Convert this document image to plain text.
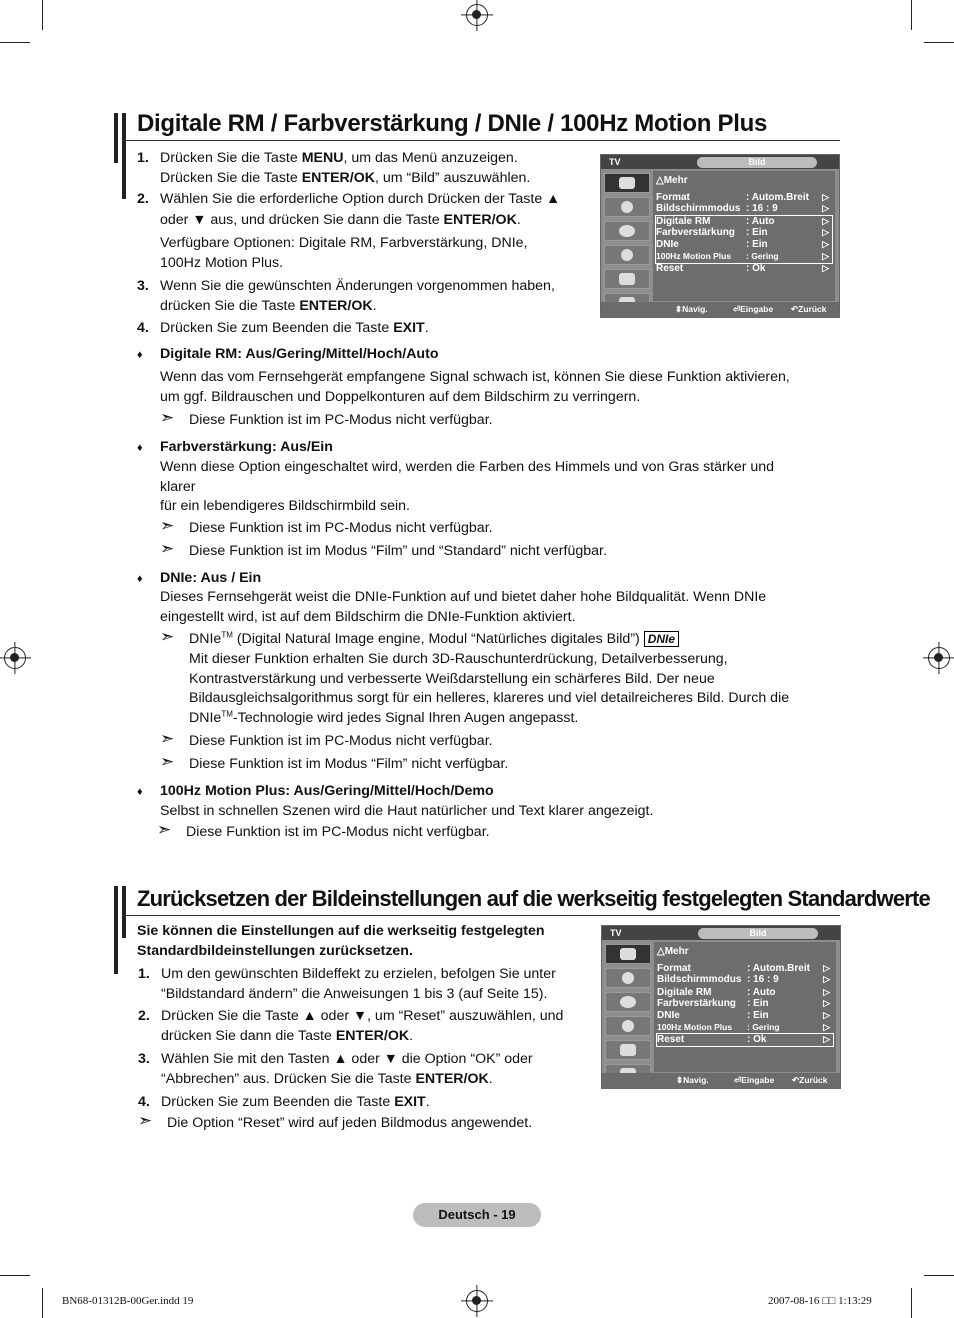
Digitale RM / Farbverstärkung / DNIe / 100Hz Motion Plus
1. Drücken Sie die Taste MENU, um das Menü anzuzeigen.
Drücken Sie die Taste ENTER/OK, um “Bild” auszuwählen.
2. Wählen Sie die erforderliche Option durch Drücken der Taste ▲
oder ▼ aus, und drücken Sie dann die Taste ENTER/OK.
Verfügbare Optionen: Digitale RM, Farbverstärkung, DNIe,
100Hz Motion Plus.
3. Wenn Sie die gewünschten Änderungen vorgenommen haben,
drücken Sie die Taste ENTER/OK.
4. Drücken Sie zum Beenden die Taste EXIT.
♦ Digitale RM: Aus/Gering/Mittel/Hoch/Auto
Wenn das vom Fernsehgerät empfangene Signal schwach ist, können Sie diese Funktion aktivieren,
um ggf. Bildrauschen und Doppelkonturen auf dem Bildschirm zu verringern.
➣ Diese Funktion ist im PC-Modus nicht verfügbar.
♦ Farbverstärkung: Aus/Ein
Wenn diese Option eingeschaltet wird, werden die Farben des Himmels und von Gras stärker und
klarer
für ein lebendigeres Bildschirmbild sein.
➣ Diese Funktion ist im PC-Modus nicht verfügbar.
➣ Diese Funktion ist im Modus “Film” und “Standard” nicht verfügbar.
♦ DNIe: Aus / Ein
Dieses Fernsehgerät weist die DNIe-Funktion auf und bietet daher hohe Bildqualität. Wenn DNIe
eingestellt wird, ist auf dem Bildschirm die DNIe-Funktion aktiviert.
➣ DNIe™ (Digital Natural Image engine, Modul “Natürliches digitales Bild”) DNIe
Mit dieser Funktion erhalten Sie durch 3D-Rauschunterdrückung, Detailverbesserung,
Kontrastverstärkung und verbesserte Weißdarstellung ein schärferes Bild. Der neue
Bildausgleichsalgorithmus sorgt für ein helleres, klareres und viel detailreicheres Bild. Durch die
DNIe™-Technologie wird jedes Signal Ihren Augen angepasst.
➣ Diese Funktion ist im PC-Modus nicht verfügbar.
➣ Diese Funktion ist im Modus “Film” nicht verfügbar.
♦ 100Hz Motion Plus: Aus/Gering/Mittel/Hoch/Demo
Selbst in schnellen Szenen wird die Haut natürlicher und Text klarer angezeigt.
➣ Diese Funktion ist im PC-Modus nicht verfügbar.
Zurücksetzen der Bildeinstellungen auf die werkseitig festgelegten Standardwerte
Sie können die Einstellungen auf die werkseitig festgelegten
Standardbildeinstellungen zurücksetzen.
1. Um den gewünschten Bildeffekt zu erzielen, befolgen Sie unter
“Bildstandard ändern” die Anweisungen 1 bis 3 (auf Seite 15).
2. Drücken Sie die Taste ▲ oder ▼, um “Reset” auszuwählen, und
drücken Sie dann die Taste ENTER/OK.
3. Wählen Sie mit den Tasten ▲ oder ▼ die Option “OK” oder
“Abbrechen” aus. Drücken Sie die Taste ENTER/OK.
4. Drücken Sie zum Beenden die Taste EXIT.
➣ Die Option “Reset” wird auf jeden Bildmodus angewendet.
TV	Bild
△Mehr
Format	: Autom.Breit ▷
Bildschirmmodus : 16 : 9	▷
Digitale RM	: Auto	▷
Farbverstärkung : Ein	▷
DNIe	: Ein	▷
100Hz Motion Plus : Gering	▷
Reset	: Ok	▷
⬍ Navig.	⏎ Eingabe ↶ Zurück
TV	Bild
△Mehr
Format	: Autom.Breit ▷
Bildschirmmodus : 16 : 9	▷
Digitale RM	: Auto	▷
Farbverstärkung : Ein	▷
DNIe	: Ein	▷
100Hz Motion Plus : Gering	▷
Reset	: Ok	▷
⬍ Navig.	⏎ Eingabe ↶ Zurück
Deutsch - 19
BN68-01312B-00Ger.indd 19	2007-08-16 □□ 1:13:29
